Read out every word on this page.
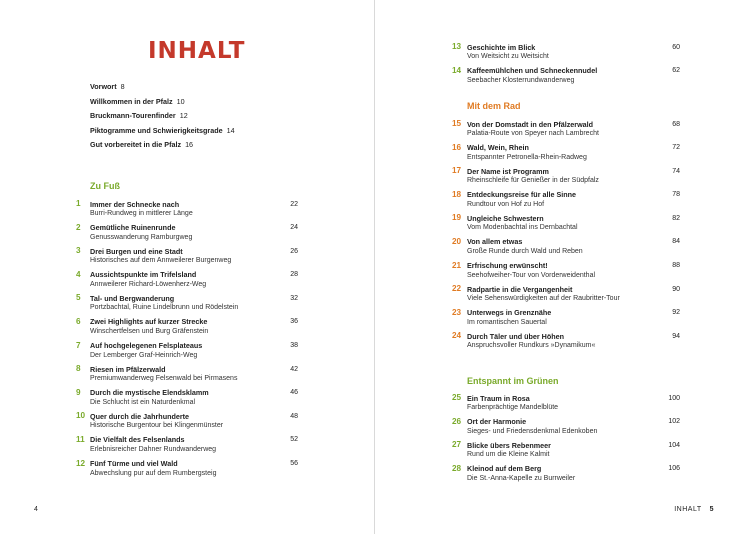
INHALT
Vorwort 8
Willkommen in der Pfalz 10
Bruckmann-Tourenfinder 12
Piktogramme und Schwierigkeitsgrade 14
Gut vorbereitet in die Pfalz 16
Zu Fuß
1 Immer der Schnecke nach
Burri-Rundweg in mittlerer Länge
22
2 Gemütliche Ruinenrunde
Genusswanderung Ramburgweg
24
3 Drei Burgen und eine Stadt
Historisches auf dem Annweilerer Burgenweg
26
4 Aussichtspunkte im Trifelsland
Annweilerer Richard-Löwenherz-Weg
28
5 Tal- und Bergwanderung
Portzbachtal, Ruine Lindelbrunn und Rödelstein
32
6 Zwei Highlights auf kurzer Strecke
Winschertfelsen und Burg Gräfenstein
36
7 Auf hochgelegenen Felsplateaus
Der Lemberger Graf-Heinrich-Weg
38
8 Riesen im Pfälzerwald
Premiumwanderweg Felsenwald bei Pirmasens
42
9 Durch die mystische Elendsklamm
Die Schlucht ist ein Naturdenkmal
46
10 Quer durch die Jahrhunderte
Historische Burgentour bei Klingenmünster
48
11 Die Vielfalt des Felsenlands
Erlebnisreicher Dahner Rundwanderweg
52
12 Fünf Türme und viel Wald
Abwechslung pur auf dem Rumbergsteig
56
4
13 Geschichte im Blick
Von Weitsicht zu Weitsicht
60
14 Kaffeemühlchen und Schneckennudel
Seebacher Klosterrundwanderweg
62
Mit dem Rad
15 Von der Domstadt in den Pfälzerwald
Palatia-Route von Speyer nach Lambrecht
68
16 Wald, Wein, Rhein
Entspannter Petronella-Rhein-Radweg
72
17 Der Name ist Programm
Rheinschleife für Genießer in der Südpfalz
74
18 Entdeckungsreise für alle Sinne
Rundtour von Hof zu Hof
78
19 Ungleiche Schwestern
Vom Modenbachtal ins Dernbachtal
82
20 Von allem etwas
Große Runde durch Wald und Reben
84
21 Erfrischung erwünscht!
Seehofweiher-Tour von Vorderweidenthal
88
22 Radpartie in die Vergangenheit
Viele Sehenswürdigkeiten auf der Raubritter-Tour
90
23 Unterwegs in Grenznähe
Im romantischen Sauertal
92
24 Durch Täler und über Höhen
Anspruchsvoller Rundkurs »Dynamikum«
94
Entspannt im Grünen
25 Ein Traum in Rosa
Farbenprächtige Mandelblüte
100
26 Ort der Harmonie
Sieges- und Friedensdenkmal Edenkoben
102
27 Blicke übers Rebenmeer
Rund um die Kleine Kalmit
104
28 Kleinod auf dem Berg
Die St.-Anna-Kapelle zu Burrweiler
106
INHALT 5
